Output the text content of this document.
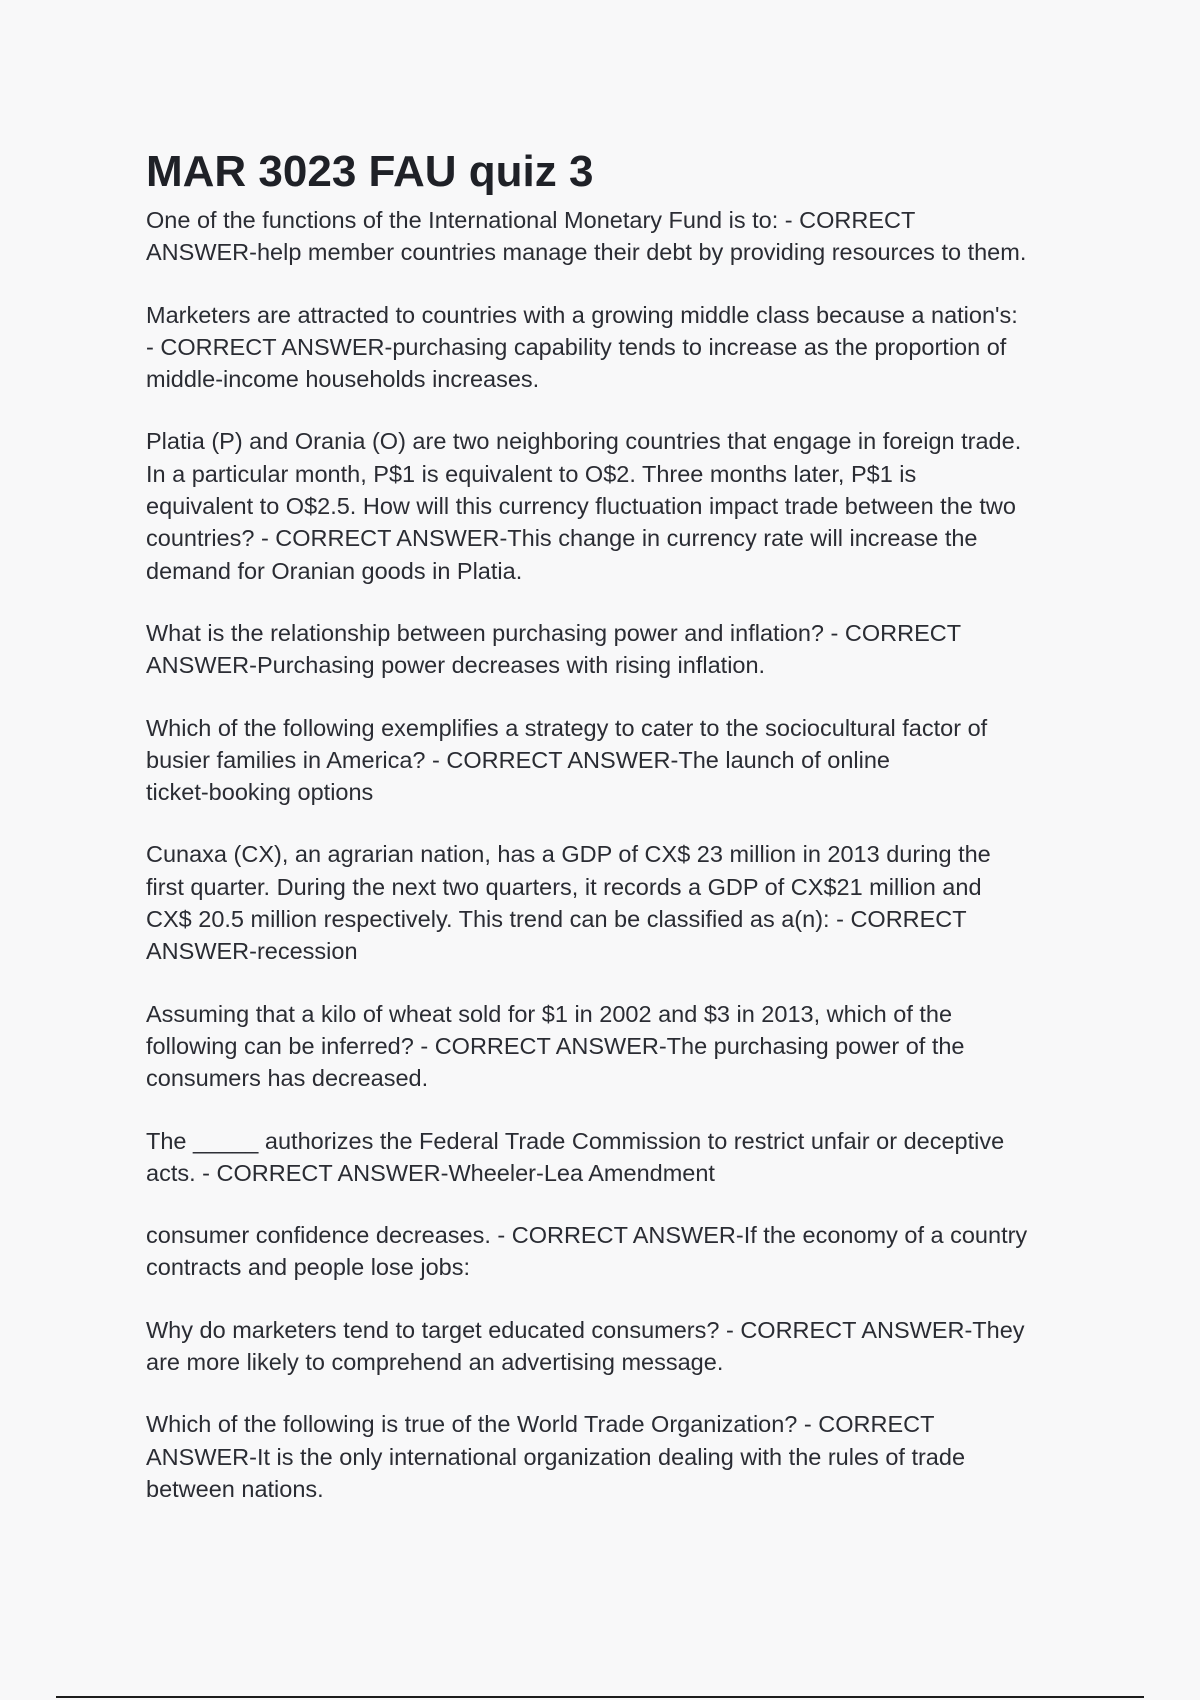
MAR 3023 FAU quiz 3

One of the functions of the International Monetary Fund is to: - CORRECT
ANSWER-help member countries manage their debt by providing resources to them.

Marketers are attracted to countries with a growing middle class because a nation's:
- CORRECT ANSWER-purchasing capability tends to increase as the proportion of
middle-income households increases.

Platia (P) and Orania (O) are two neighboring countries that engage in foreign trade.
In a particular month, P$1 is equivalent to O$2. Three months later, P$1 is
equivalent to O$2.5. How will this currency fluctuation impact trade between the two
countries? - CORRECT ANSWER-This change in currency rate will increase the
demand for Oranian goods in Platia.

What is the relationship between purchasing power and inflation? - CORRECT
ANSWER-Purchasing power decreases with rising inflation.

Which of the following exemplifies a strategy to cater to the sociocultural factor of
busier families in America? - CORRECT ANSWER-The launch of online
ticket-booking options

Cunaxa (CX), an agrarian nation, has a GDP of CX$ 23 million in 2013 during the
first quarter. During the next two quarters, it records a GDP of CX$21 million and
CX$ 20.5 million respectively. This trend can be classified as a(n): - CORRECT
ANSWER-recession

Assuming that a kilo of wheat sold for $1 in 2002 and $3 in 2013, which of the
following can be inferred? - CORRECT ANSWER-The purchasing power of the
consumers has decreased.

The _____ authorizes the Federal Trade Commission to restrict unfair or deceptive
acts. - CORRECT ANSWER-Wheeler-Lea Amendment

consumer confidence decreases. - CORRECT ANSWER-If the economy of a country
contracts and people lose jobs:

Why do marketers tend to target educated consumers? - CORRECT ANSWER-They
are more likely to comprehend an advertising message.

Which of the following is true of the World Trade Organization? - CORRECT
ANSWER-It is the only international organization dealing with the rules of trade
between nations.
